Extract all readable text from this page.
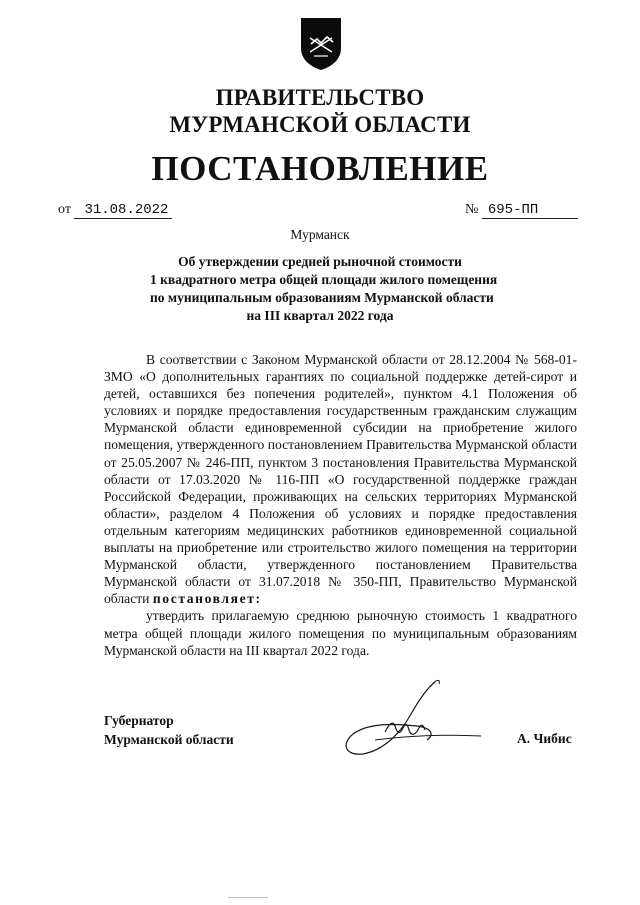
ПРАВИТЕЛЬСТВО
МУРМАНСКОЙ ОБЛАСТИ
ПОСТАНОВЛЕНИЕ
от 31.08.2022	№ 695-ПП
Мурманск
Об утверждении средней рыночной стоимости
1 квадратного метра общей площади жилого помещения
по муниципальным образованиям Мурманской области
на III квартал 2022 года

В соответствии с Законом Мурманской области от 28.12.2004 № 568-01-ЗМО «О дополнительных гарантиях по социальной поддержке детей-сирот и детей, оставшихся без попечения родителей», пунктом 4.1 Положения об условиях и порядке предоставления государственным гражданским служащим Мурманской области единовременной субсидии на приобретение жилого помещения, утвержденного постановлением Правительства Мурманской области от 25.05.2007 № 246-ПП, пунктом 3 постановления Правительства Мурманской области от 17.03.2020 № 116-ПП «О государственной поддержке граждан Российской Федерации, проживающих на сельских территориях Мурманской области», разделом 4 Положения об условиях и порядке предоставления отдельным категориям медицинских работников единовременной социальной выплаты на приобретение или строительство жилого помещения на территории Мурманской области, утвержденного постановлением Правительства Мурманской области от 31.07.2018 № 350-ПП, Правительство Мурманской области постановляет:

утвердить прилагаемую среднюю рыночную стоимость 1 квадратного метра общей площади жилого помещения по муниципальным образованиям Мурманской области на III квартал 2022 года.

Губернатор
Мурманской области	А. Чибис
